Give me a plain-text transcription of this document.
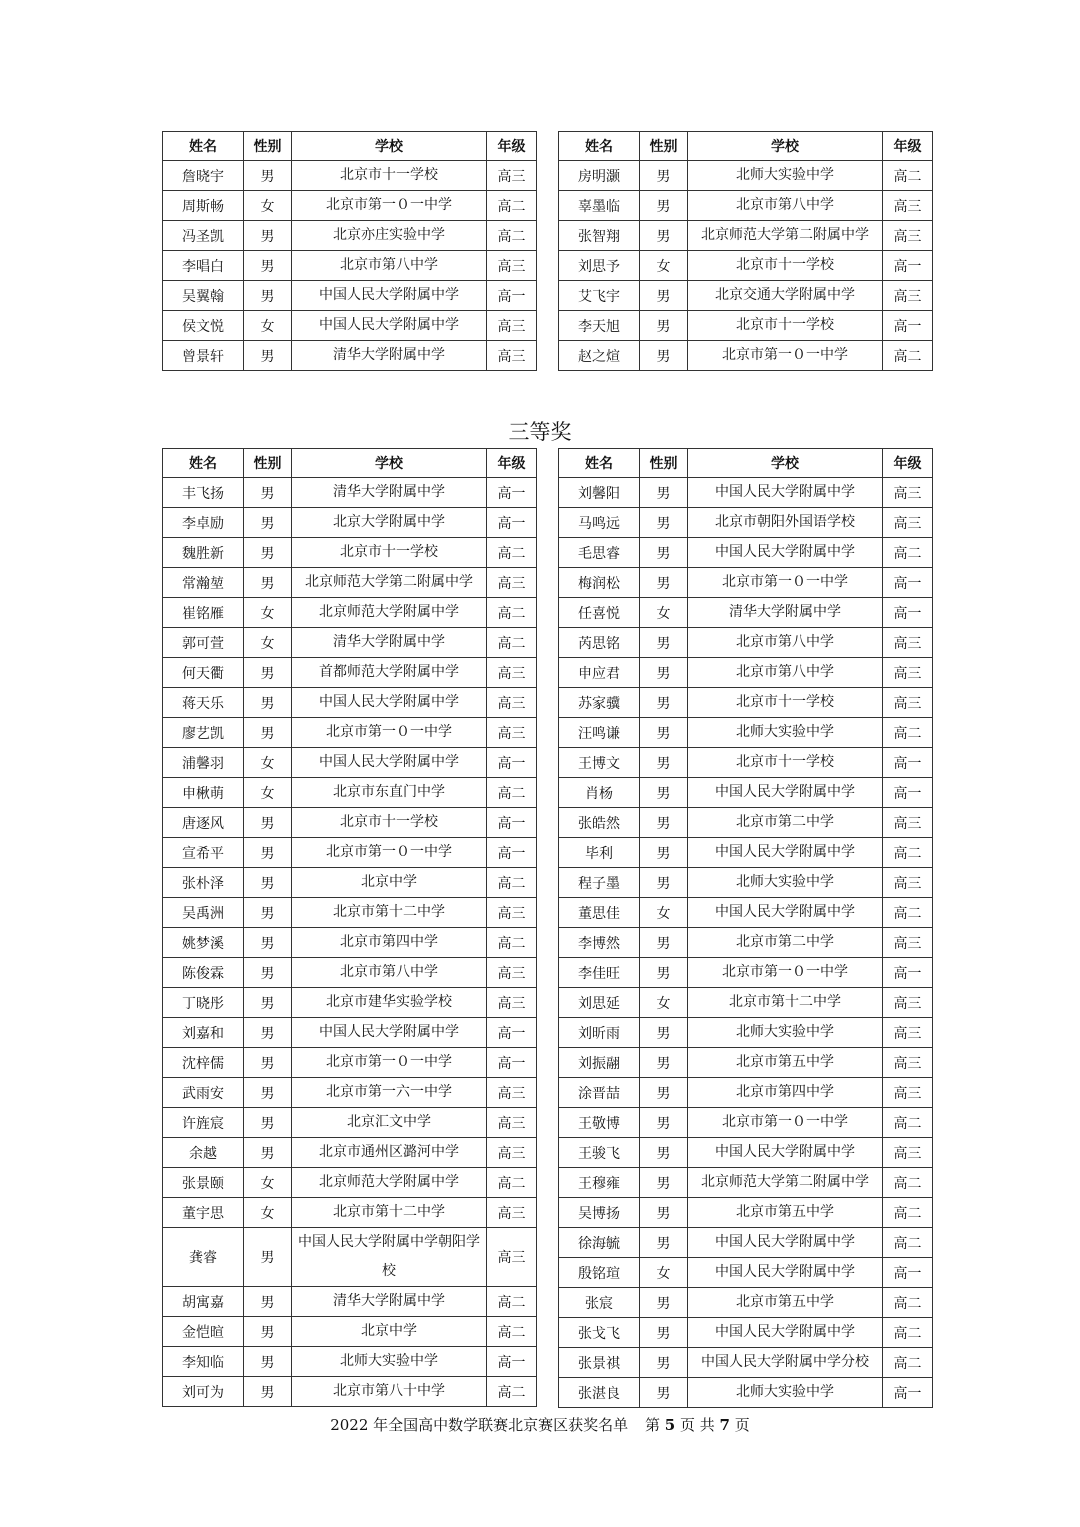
姓名	性别	学校	年级
詹晓宇	男	北京市十一学校	高三
周斯畅	女	北京市第一０一中学	高二
冯圣凯	男	北京亦庄实验中学	高二
李唱白	男	北京市第八中学	高三
吴翼翰	男	中国人民大学附属中学	高一
侯文悦	女	中国人民大学附属中学	高三
曾景轩	男	清华大学附属中学	高三
姓名	性别	学校	年级
房明灏	男	北师大实验中学	高二
辜墨临	男	北京市第八中学	高三
张智翔	男	北京师范大学第二附属中学	高三
刘思予	女	北京市十一学校	高一
艾飞宇	男	北京交通大学附属中学	高三
李天旭	男	北京市十一学校	高一
赵之煊	男	北京市第一０一中学	高二
三等奖
姓名	性别	学校	年级
丰飞扬	男	清华大学附属中学	高一
李卓励	男	北京大学附属中学	高一
魏胜新	男	北京市十一学校	高二
常瀚堃	男	北京师范大学第二附属中学	高三
崔铭雁	女	北京师范大学附属中学	高二
郭可萱	女	清华大学附属中学	高二
何天衢	男	首都师范大学附属中学	高三
蒋天乐	男	中国人民大学附属中学	高三
廖艺凯	男	北京市第一０一中学	高三
浦馨羽	女	中国人民大学附属中学	高一
申楸萌	女	北京市东直门中学	高二
唐逐风	男	北京市十一学校	高一
宣希平	男	北京市第一０一中学	高一
张朴泽	男	北京中学	高二
吴禹洲	男	北京市第十二中学	高三
姚梦溪	男	北京市第四中学	高二
陈俊霖	男	北京市第八中学	高三
丁晓彤	男	北京市建华实验学校	高三
刘嘉和	男	中国人民大学附属中学	高一
沈梓儒	男	北京市第一０一中学	高一
武雨安	男	北京市第一六一中学	高三
许旌宸	男	北京汇文中学	高三
余越	男	北京市通州区潞河中学	高三
张景颐	女	北京师范大学附属中学	高二
董宇思	女	北京市第十二中学	高三
龚睿	男	中国人民大学附属中学朝阳学校	高三
胡寓嘉	男	清华大学附属中学	高二
金恺暄	男	北京中学	高二
李知临	男	北师大实验中学	高一
刘可为	男	北京市第八十中学	高二
姓名	性别	学校	年级
刘馨阳	男	中国人民大学附属中学	高三
马鸣远	男	北京市朝阳外国语学校	高三
毛思睿	男	中国人民大学附属中学	高二
梅润松	男	北京市第一０一中学	高一
任喜悦	女	清华大学附属中学	高一
芮思铭	男	北京市第八中学	高三
申应君	男	北京市第八中学	高三
苏家骥	男	北京市十一学校	高三
汪鸣谦	男	北师大实验中学	高二
王博文	男	北京市十一学校	高一
肖杨	男	中国人民大学附属中学	高一
张皓然	男	北京市第二中学	高三
毕利	男	中国人民大学附属中学	高二
程子墨	男	北师大实验中学	高三
董思佳	女	中国人民大学附属中学	高二
李博然	男	北京市第二中学	高三
李佳旺	男	北京市第一０一中学	高一
刘思延	女	北京市第十二中学	高三
刘昕雨	男	北师大实验中学	高三
刘振翮	男	北京市第五中学	高三
涂晋喆	男	北京市第四中学	高三
王敬博	男	北京市第一０一中学	高二
王骏飞	男	中国人民大学附属中学	高三
王穆雍	男	北京师范大学第二附属中学	高二
吴博扬	男	北京市第五中学	高二
徐海毓	男	中国人民大学附属中学	高二
殷铭瑄	女	中国人民大学附属中学	高一
张宸	男	北京市第五中学	高二
张戈飞	男	中国人民大学附属中学	高二
张景祺	男	中国人民大学附属中学分校	高二
张湛良	男	北师大实验中学	高一
2022 年全国高中数学联赛北京赛区获奖名单 第 5 页 共 7 页
